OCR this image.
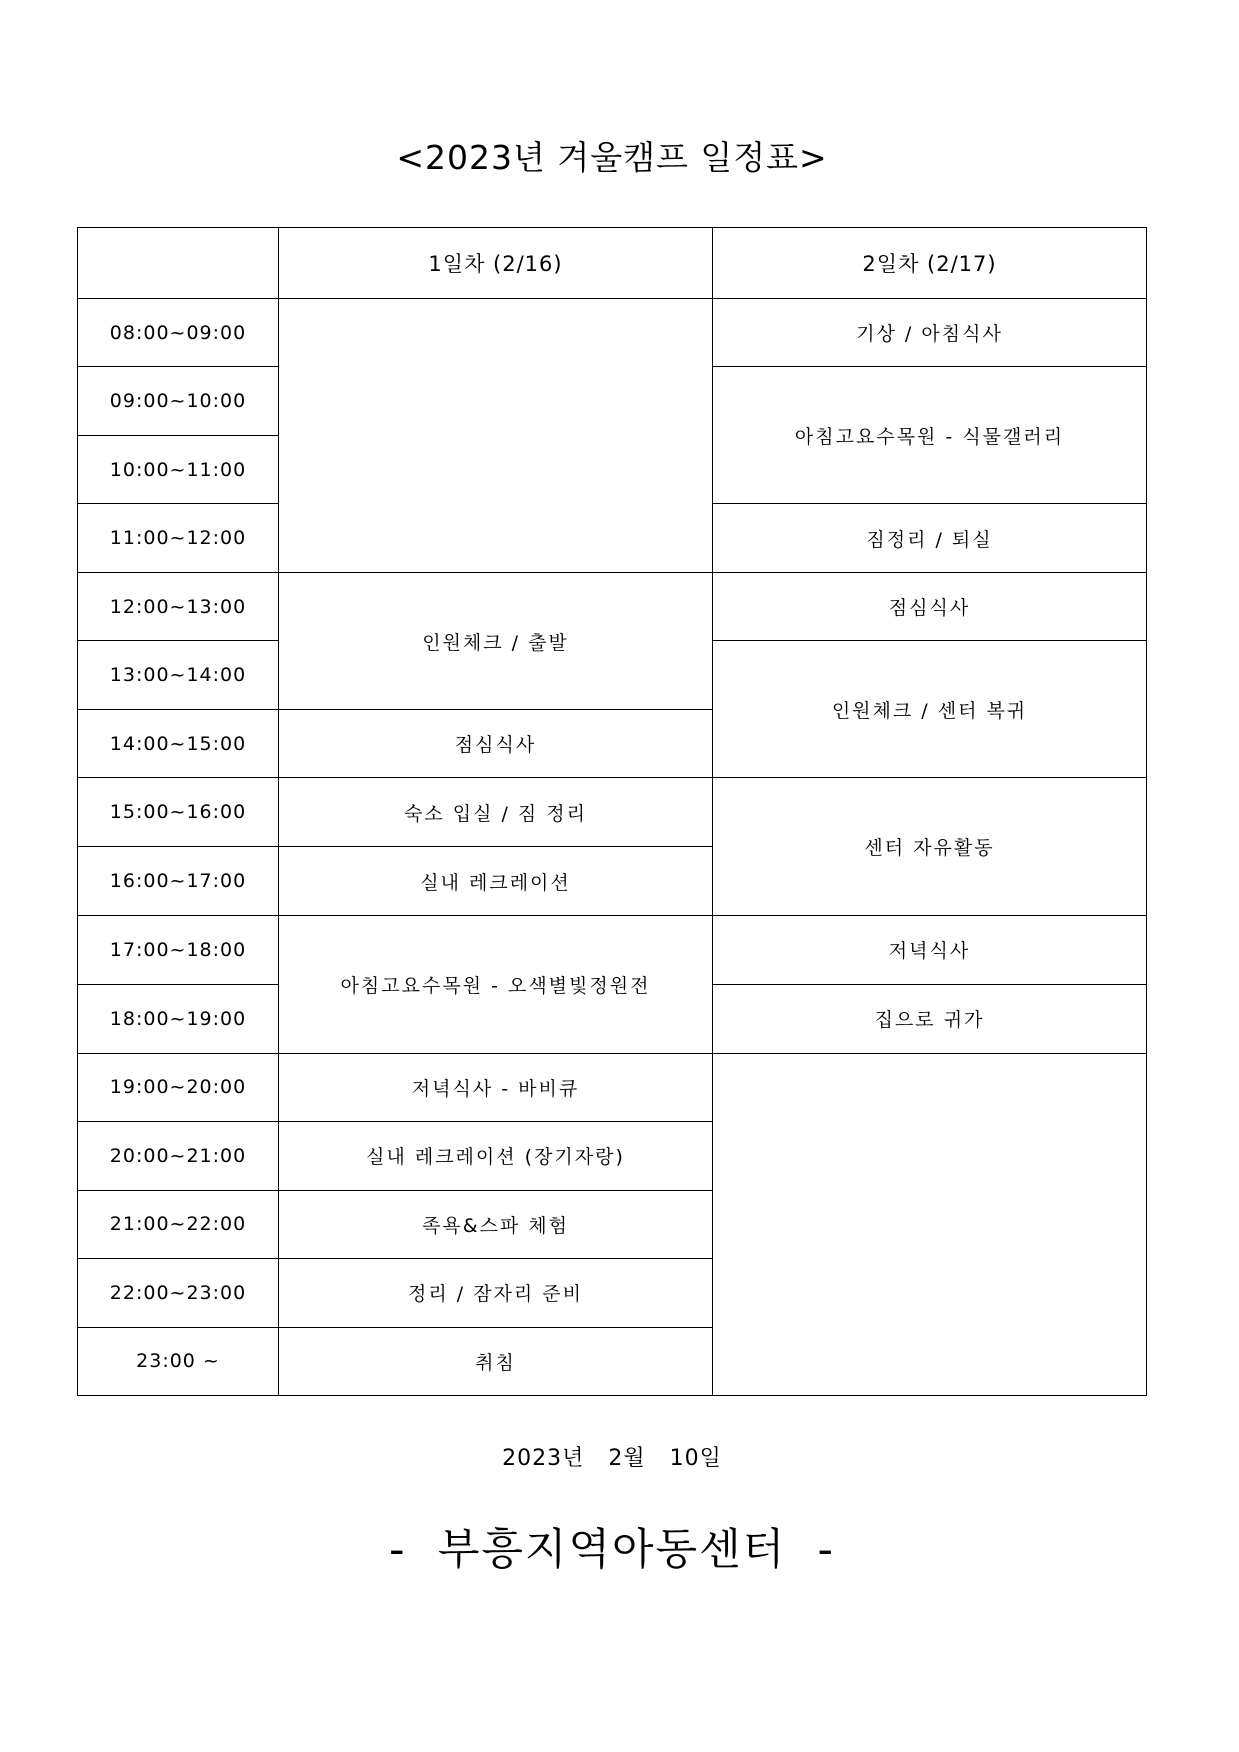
<2023년 겨울캠프 일정표>
	1일차 (2/16)	2일차 (2/17)
08:00~09:00		기상 / 아침식사
09:00~10:00		아침고요수목원 - 식물갤러리
10:00~11:00		
11:00~12:00		짐정리 / 퇴실
12:00~13:00	인원체크 / 출발	점심식사
13:00~14:00		인원체크 / 센터 복귀
14:00~15:00	점심식사	
15:00~16:00	숙소 입실 / 짐 정리	센터 자유활동
16:00~17:00	실내 레크레이션	
17:00~18:00	아침고요수목원 - 오색별빛정원전	저녁식사
18:00~19:00		집으로 귀가
19:00~20:00	저녁식사 - 바비큐	
20:00~21:00	실내 레크레이션 (장기자랑)	
21:00~22:00	족욕&스파 체험	
22:00~23:00	정리 / 잠자리 준비	
23:00 ~	취침	
2023년   2월   10일
-  부흥지역아동센터  -
